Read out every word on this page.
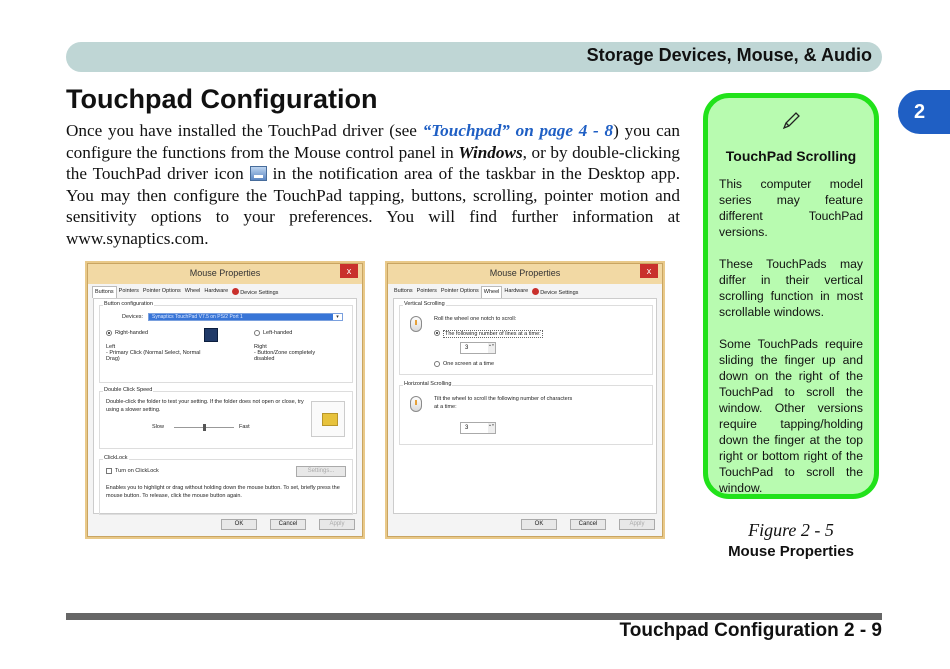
Storage Devices, Mouse, & Audio
2
Touchpad Configuration

Once you have installed the TouchPad driver (see “Touchpad” on page 4 - 8) you can configure the functions from the Mouse control panel in Windows, or by double-clicking the TouchPad driver icon  in the notification area of the taskbar in the Desktop app. You may then configure the TouchPad tapping, buttons, scrolling, pointer motion and sensitivity options to your preferences. You will find further information at www.synaptics.com.

Mouse Properties	x
Buttons Pointers Pointer Options Wheel Hardware	Device Settings
Button configuration
Devices:	Synaptics TouchPad V7.5 on PS/2 Port 1	▾
Right-handed	Left-handed
Left
- Primary Click (Normal Select, Normal Drag)
Right
- Button/Zone completely disabled
Double Click Speed
Double-click the folder to test your setting. If the folder does not open or close, try using a slower setting.
Slow	Fast
ClickLock
Turn on ClickLock	Settings...
Enables you to highlight or drag without holding down the mouse button. To set, briefly press the mouse button. To release, click the mouse button again.
OK	Cancel	Apply
Mouse Properties	x
Buttons Pointers Pointer Options Wheel Hardware	Device Settings
Vertical Scrolling
Roll the wheel one notch to scroll:
The following number of lines at a time:
3 ▲▼
One screen at a time
Horizontal Scrolling
Tilt the wheel to scroll the following number of characters at a time:
3 ▲▼
OK	Cancel	Apply
TouchPad Scrolling

This computer model series may feature different TouchPad versions.

These TouchPads may differ in their vertical scrolling function in most scrollable windows.

Some TouchPads require sliding the finger up and down on the right of the TouchPad to scroll the window. Other versions require tapping/holding down the finger at the top right or bottom right of the TouchPad to scroll the window.

Figure 2 - 5
Mouse Properties
Touchpad Configuration 2 - 9
